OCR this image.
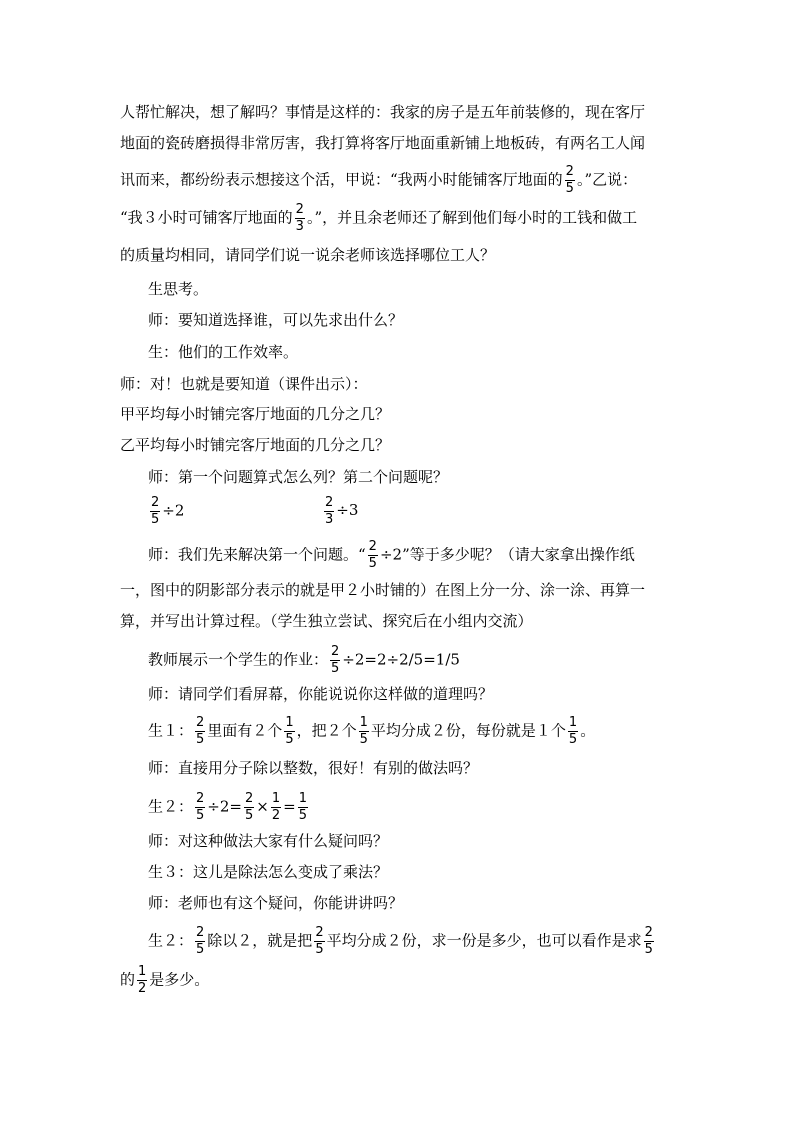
人帮忙解决，想了解吗？事情是这样的：我家的房子是五年前装修的，现在客厅
地面的瓷砖磨损得非常厉害，我打算将客厅地面重新铺上地板砖，有两名工人闻
讯而来，都纷纷表示想接这个活，甲说：“我两小时能铺客厅地面的 $\frac{2}{5}$ 。”乙说：
“我３小时可铺客厅地面的 $\frac{2}{3}$ 。”，并且余老师还了解到他们每小时的工钱和做工
的质量均相同，请同学们说一说余老师该选择哪位工人？
生思考。
师：要知道选择谁，可以先求出什么？
生：他们的工作效率。
师：对！也就是要知道（课件出示）：
甲平均每小时铺完客厅地面的几分之几？
乙平均每小时铺完客厅地面的几分之几？
师：第一个问题算式怎么列？第二个问题呢？
$\frac{2}{5} \div 2$	$\frac{2}{3} \div 3$
师：我们先来解决第一个问题。“ $\frac{2}{5} \div 2$”等于多少呢？（请大家拿出操作纸
一，图中的阴影部分表示的就是甲２小时铺的）在图上分一分、涂一涂、再算一
算，并写出计算过程。（学生独立尝试、探究后在小组内交流）
教师展示一个学生的作业： $\frac{2}{5} \div 2=2\div 2/5=1/5$
师：请同学们看屏幕，你能说说你这样做的道理吗？
生１： $\frac{2}{5}$ 里面有２个 $\frac{1}{5}$ ，把２个 $\frac{1}{5}$ 平均分成２份，每份就是１个 $\frac{1}{5}$ 。
师：直接用分子除以整数，很好！有别的做法吗？
生２： $\frac{2}{5} \div 2= \frac{2}{5} \times \frac{1}{2} = \frac{1}{5}$
师：对这种做法大家有什么疑问吗？
生３：这儿是除法怎么变成了乘法？
师：老师也有这个疑问，你能讲讲吗？
生２： $\frac{2}{5}$ 除以２，就是把 $\frac{2}{5}$ 平均分成２份，求一份是多少，也可以看作是求 $\frac{2}{5}$
的 $\frac{1}{2}$ 是多少。
